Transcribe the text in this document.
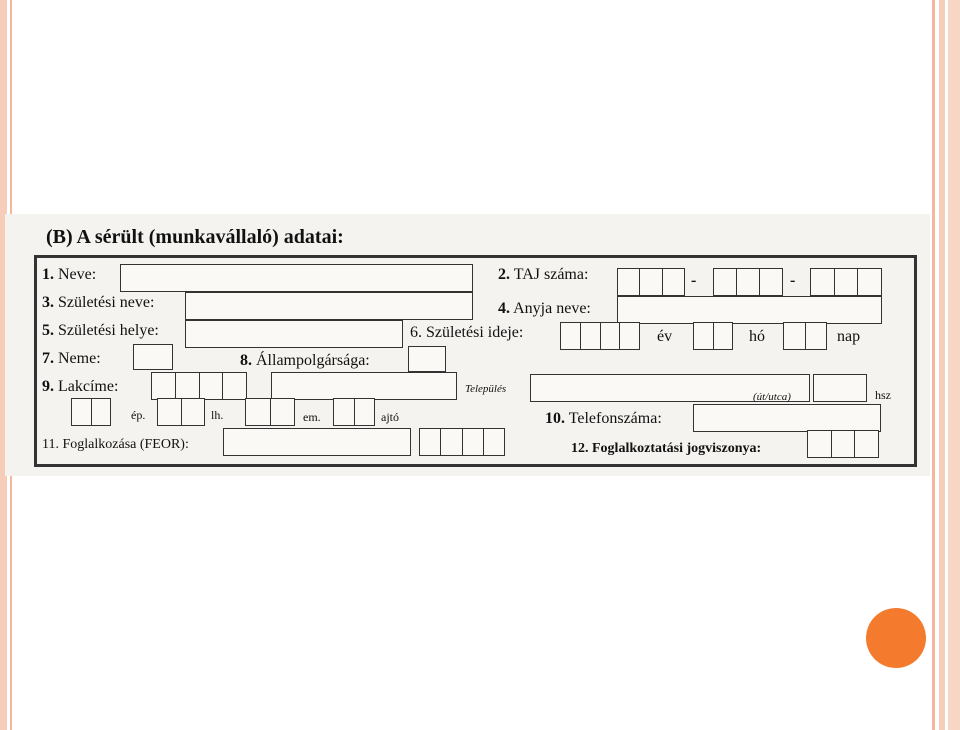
(B) A sérült (munkavállaló) adatai:
1. Neve:	2. TAJ száma:	-	-
3. Születési neve:	4. Anyja neve:
5. Születési helye:	6. Születési ideje:	év	hó	nap
7. Neme:	8. Állampolgársága:
9. Lakcíme:	Település
(út/utca)	hsz
ép.	lh.	em.	ajtó	10. Telefonszáma:
11. Foglalkozása (FEOR):	12. Foglalkoztatási jogviszonya:
